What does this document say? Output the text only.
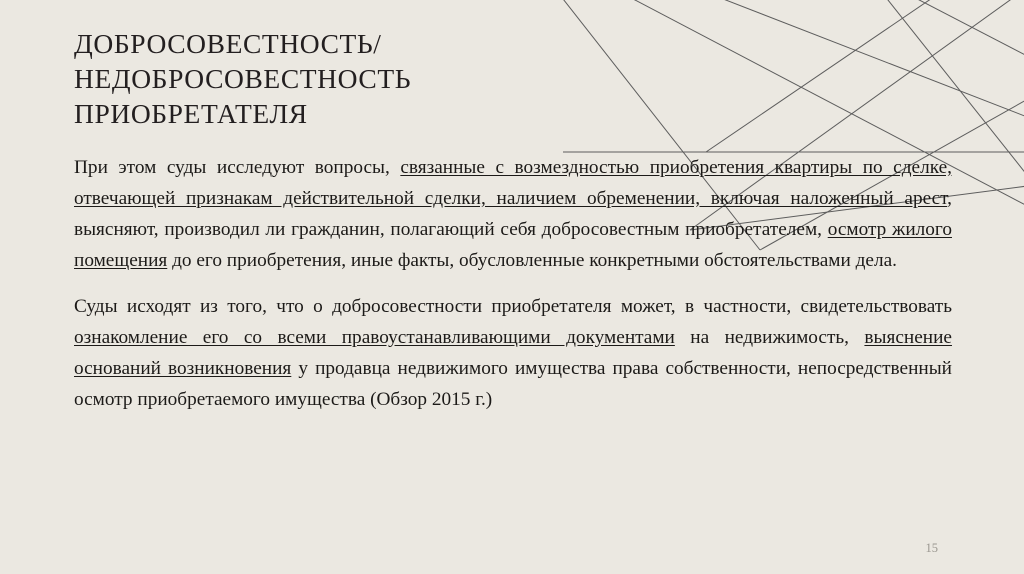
ДОБРОСОВЕСТНОСТЬ/
НЕДОБРОСОВЕСТНОСТЬ
ПРИОБРЕТАТЕЛЯ

При этом суды исследуют вопросы, связанные с возмездностью приобретения квартиры по сделке, отвечающей признакам действительной сделки, наличием обременении, включая наложенный арест, выясняют, производил ли гражданин, полагающий себя добросовестным приобретателем, осмотр жилого помещения до его приобретения, иные факты, обусловленные конкретными обстоятельствами дела.

Суды исходят из того, что о добросовестности приобретателя может, в частности, свидетельствовать ознакомление его со всеми правоустанавливающими документами на недвижимость, выяснение оснований возникновения у продавца недвижимого имущества права собственности, непосредственный осмотр приобретаемого имущества (Обзор 2015 г.)

15
